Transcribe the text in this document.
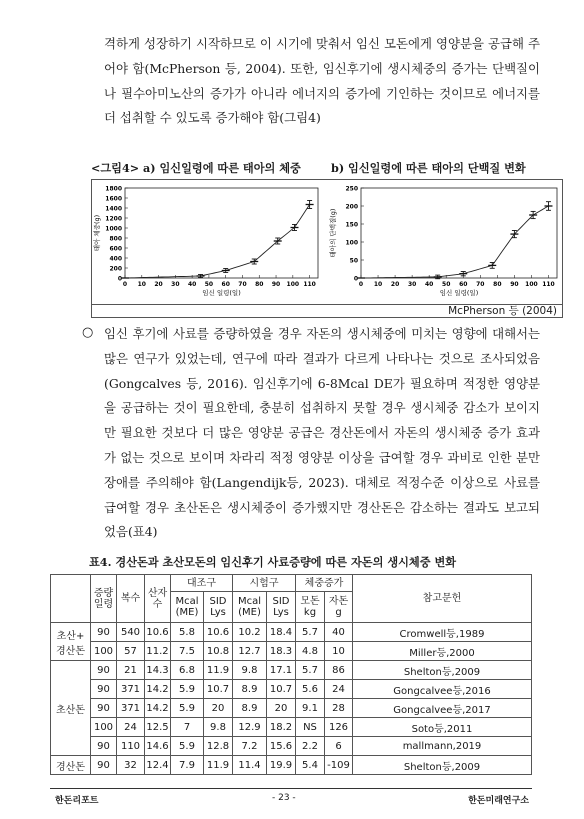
격하게 성장하기 시작하므로 이 시기에 맞춰서 임신 모돈에게 영양분을 공급해 주어야 함(McPherson 등, 2004). 또한, 임신후기에 생시체중의 증가는 단백질이나 필수아미노산의 증가가 아니라 에너지의 증가에 기인하는 것이므로 에너지를 더 섭취할 수 있도록 증가해야 함(그림4)

<그림4> a) 임신일령에 따른 태아의 체중	b) 임신일령에 따른 태아의 단백질 변화
1800
1600
1400
1200
1000
800
600
400
200
0
0 10 20 30 40 50 60 70 80 90 100 110
임신 일령(일)
태아 체중(g)
250
200
150
100
50
0
0 10 20 30 40 50 60 70 80 90 100 110
임신 일령(일)
태아의 단백질(g)
McPherson 등 (2004)
○ 임신 후기에 사료를 증량하였을 경우 자돈의 생시체중에 미치는 영향에 대해서는 많은 연구가 있었는데, 연구에 따라 결과가 다르게 나타나는 것으로 조사되었음(Gongcalves 등, 2016). 임신후기에 6-8Mcal DE가 필요하며 적정한 영양분을 공급하는 것이 필요한데, 충분히 섭취하지 못할 경우 생시체중 감소가 보이지만 필요한 것보다 더 많은 영양분 공급은 경산돈에서 자돈의 생시체중 증가 효과가 없는 것으로 보이며 차라리 적정 영양분 이상을 급여할 경우 과비로 인한 분만 장애를 주의해야 함(Langendijk등, 2023). 대체로 적정수준 이상으로 사료를 급여할 경우 초산돈은 생시체중이 증가했지만 경산돈은 감소하는 결과도 보고되었음(표4)

표4. 경산돈과 초산모돈의 임신후기 사료증량에 따른 자돈의 생시체중 변화
	증량 일령	복수	산자 수	대조구		시험구		체중증가		참고문헌
				Mcal (ME)	SID Lys	Mcal (ME)	SID Lys	모돈 kg	자돈 g	
초산+ 경산돈	90	540	10.6	5.8	10.6	10.2	18.4	5.7	40	Cromwell등,1989
	100	57	11.2	7.5	10.8	12.7	18.3	4.8	10	Miller등,2000
초산돈	90	21	14.3	6.8	11.9	9.8	17.1	5.7	86	Shelton등,2009
	90	371	14.2	5.9	10.7	8.9	10.7	5.6	24	Gongcalvee등,2016
	90	371	14.2	5.9	20	8.9	20	9.1	28	Gongcalvee등,2017
	100	24	12.5	7	9.8	12.9	18.2	NS	126	Soto등,2011
	90	110	14.6	5.9	12.8	7.2	15.6	2.2	6	mallmann,2019
경산돈	90	32	12.4	7.9	11.9	11.4	19.9	5.4	-109	Shelton등,2009
한돈리포트	- 23 -	한돈미래연구소
